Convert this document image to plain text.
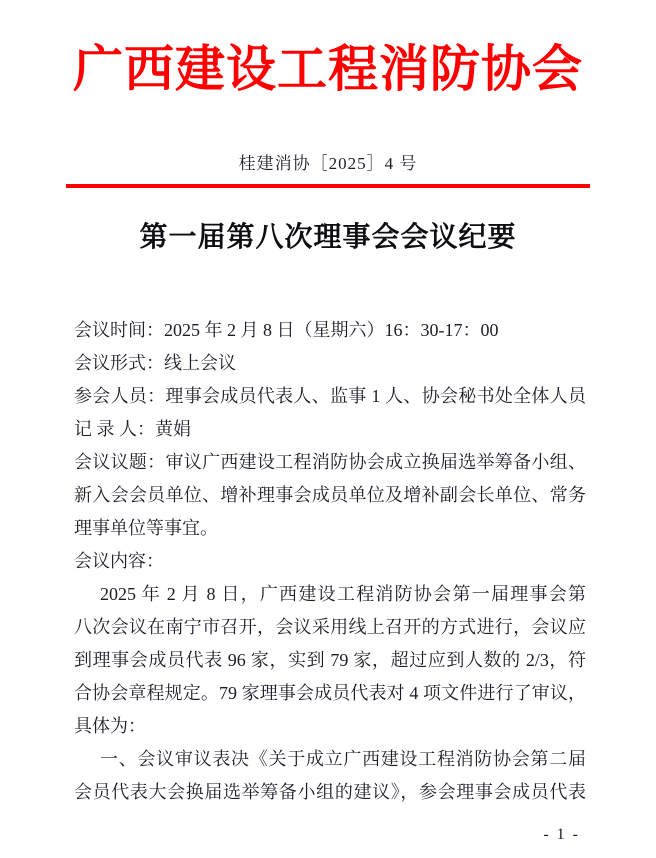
广西建设工程消防协会
桂建消协［2025］4 号
第一届第八次理事会会议纪要
会议时间：2025 年 2 月 8 日（星期六）16：30-17：00
会议形式：线上会议
参会人员：理事会成员代表人、监事 1 人、协会秘书处全体人员
记 录 人：黄娟
会议议题：审议广西建设工程消防协会成立换届选举筹备小组、
新入会会员单位、增补理事会成员单位及增补副会长单位、常务
理事单位等事宜。
会议内容：
2025 年 2 月 8 日，广西建设工程消防协会第一届理事会第
八次会议在南宁市召开，会议采用线上召开的方式进行，会议应
到理事会成员代表 96 家，实到 79 家，超过应到人数的 2/3，符
合协会章程规定。79 家理事会成员代表对 4 项文件进行了审议，
具体为：
一、会议审议表决《关于成立广西建设工程消防协会第二届
会员代表大会换届选举筹备小组的建议》，参会理事会成员代表
- 1 -
